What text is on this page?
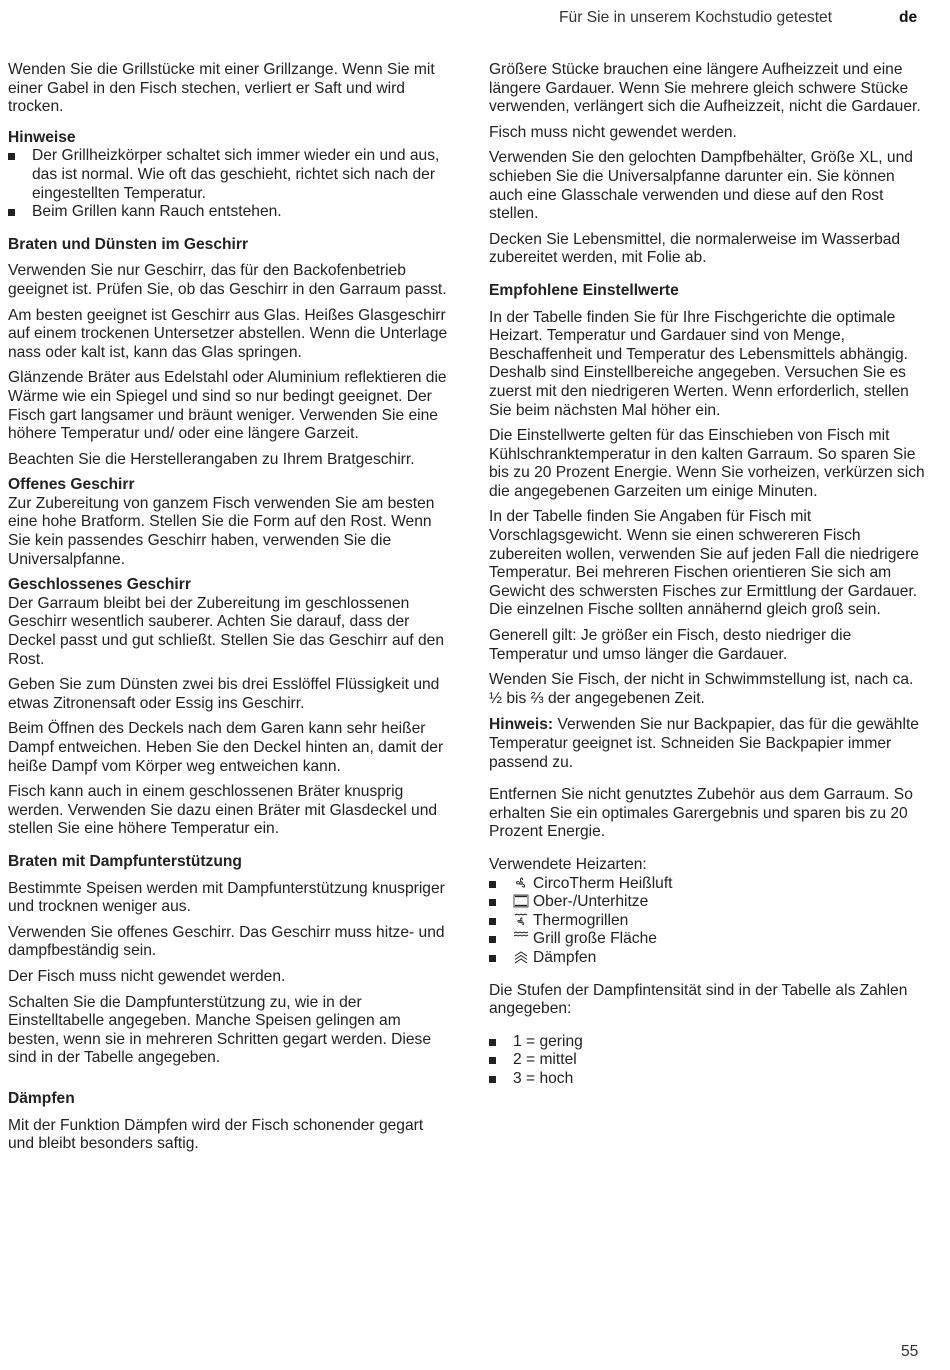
Für Sie in unserem Kochstudio getestet	de

Wenden Sie die Grillstücke mit einer Grillzange. Wenn Sie mit einer Gabel in den Fisch stechen, verliert er Saft und wird trocken.

Hinweise
Der Grillheizkörper schaltet sich immer wieder ein und aus, das ist normal. Wie oft das geschieht, richtet sich nach der eingestellten Temperatur.
Beim Grillen kann Rauch entstehen.
Braten und Dünsten im Geschirr

Verwenden Sie nur Geschirr, das für den Backofenbetrieb geeignet ist. Prüfen Sie, ob das Geschirr in den Garraum passt.

Am besten geeignet ist Geschirr aus Glas. Heißes Glasgeschirr auf einem trockenen Untersetzer abstellen. Wenn die Unterlage nass oder kalt ist, kann das Glas springen.

Glänzende Bräter aus Edelstahl oder Aluminium reflektieren die Wärme wie ein Spiegel und sind so nur bedingt geeignet. Der Fisch gart langsamer und bräunt weniger. Verwenden Sie eine höhere Temperatur und/ oder eine längere Garzeit.

Beachten Sie die Herstellerangaben zu Ihrem Bratgeschirr.

Offenes Geschirr

Zur Zubereitung von ganzem Fisch verwenden Sie am besten eine hohe Bratform. Stellen Sie die Form auf den Rost. Wenn Sie kein passendes Geschirr haben, verwenden Sie die Universalpfanne.

Geschlossenes Geschirr

Der Garraum bleibt bei der Zubereitung im geschlossenen Geschirr wesentlich sauberer. Achten Sie darauf, dass der Deckel passt und gut schließt. Stellen Sie das Geschirr auf den Rost.

Geben Sie zum Dünsten zwei bis drei Esslöffel Flüssigkeit und etwas Zitronensaft oder Essig ins Geschirr.

Beim Öffnen des Deckels nach dem Garen kann sehr heißer Dampf entweichen. Heben Sie den Deckel hinten an, damit der heiße Dampf vom Körper weg entweichen kann.

Fisch kann auch in einem geschlossenen Bräter knusprig werden. Verwenden Sie dazu einen Bräter mit Glasdeckel und stellen Sie eine höhere Temperatur ein.

Braten mit Dampfunterstützung

Bestimmte Speisen werden mit Dampfunterstützung knuspriger und trocknen weniger aus.

Verwenden Sie offenes Geschirr. Das Geschirr muss hitze- und dampfbeständig sein.

Der Fisch muss nicht gewendet werden.

Schalten Sie die Dampfunterstützung zu, wie in der Einstelltabelle angegeben. Manche Speisen gelingen am besten, wenn sie in mehreren Schritten gegart werden. Diese sind in der Tabelle angegeben.

Dämpfen

Mit der Funktion Dämpfen wird der Fisch schonender gegart und bleibt besonders saftig.

Größere Stücke brauchen eine längere Aufheizzeit und eine längere Gardauer. Wenn Sie mehrere gleich schwere Stücke verwenden, verlängert sich die Aufheizzeit, nicht die Gardauer.

Fisch muss nicht gewendet werden.

Verwenden Sie den gelochten Dampfbehälter, Größe XL, und schieben Sie die Universalpfanne darunter ein. Sie können auch eine Glasschale verwenden und diese auf den Rost stellen.

Decken Sie Lebensmittel, die normalerweise im Wasserbad zubereitet werden, mit Folie ab.

Empfohlene Einstellwerte

In der Tabelle finden Sie für Ihre Fischgerichte die optimale Heizart. Temperatur und Gardauer sind von Menge, Beschaffenheit und Temperatur des Lebensmittels abhängig. Deshalb sind Einstellbereiche angegeben. Versuchen Sie es zuerst mit den niedrigeren Werten. Wenn erforderlich, stellen Sie beim nächsten Mal höher ein.

Die Einstellwerte gelten für das Einschieben von Fisch mit Kühlschranktemperatur in den kalten Garraum. So sparen Sie bis zu 20 Prozent Energie. Wenn Sie vorheizen, verkürzen sich die angegebenen Garzeiten um einige Minuten.

In der Tabelle finden Sie Angaben für Fisch mit Vorschlagsgewicht. Wenn sie einen schwereren Fisch zubereiten wollen, verwenden Sie auf jeden Fall die niedrigere Temperatur. Bei mehreren Fischen orientieren Sie sich am Gewicht des schwersten Fisches zur Ermittlung der Gardauer. Die einzelnen Fische sollten annähernd gleich groß sein.

Generell gilt: Je größer ein Fisch, desto niedriger die Temperatur und umso länger die Gardauer.

Wenden Sie Fisch, der nicht in Schwimmstellung ist, nach ca. ½ bis ⅔ der angegebenen Zeit.

Hinweis: Verwenden Sie nur Backpapier, das für die gewählte Temperatur geeignet ist. Schneiden Sie Backpapier immer passend zu.

Entfernen Sie nicht genutztes Zubehör aus dem Garraum. So erhalten Sie ein optimales Garergebnis und sparen bis zu 20 Prozent Energie.

Verwendete Heizarten:

CircoTherm Heißluft
Ober-/Unterhitze
Thermogrillen
Grill große Fläche
Dämpfen

Die Stufen der Dampfintensität sind in der Tabelle als Zahlen angegeben:

1 = gering
2 = mittel
3 = hoch
55
